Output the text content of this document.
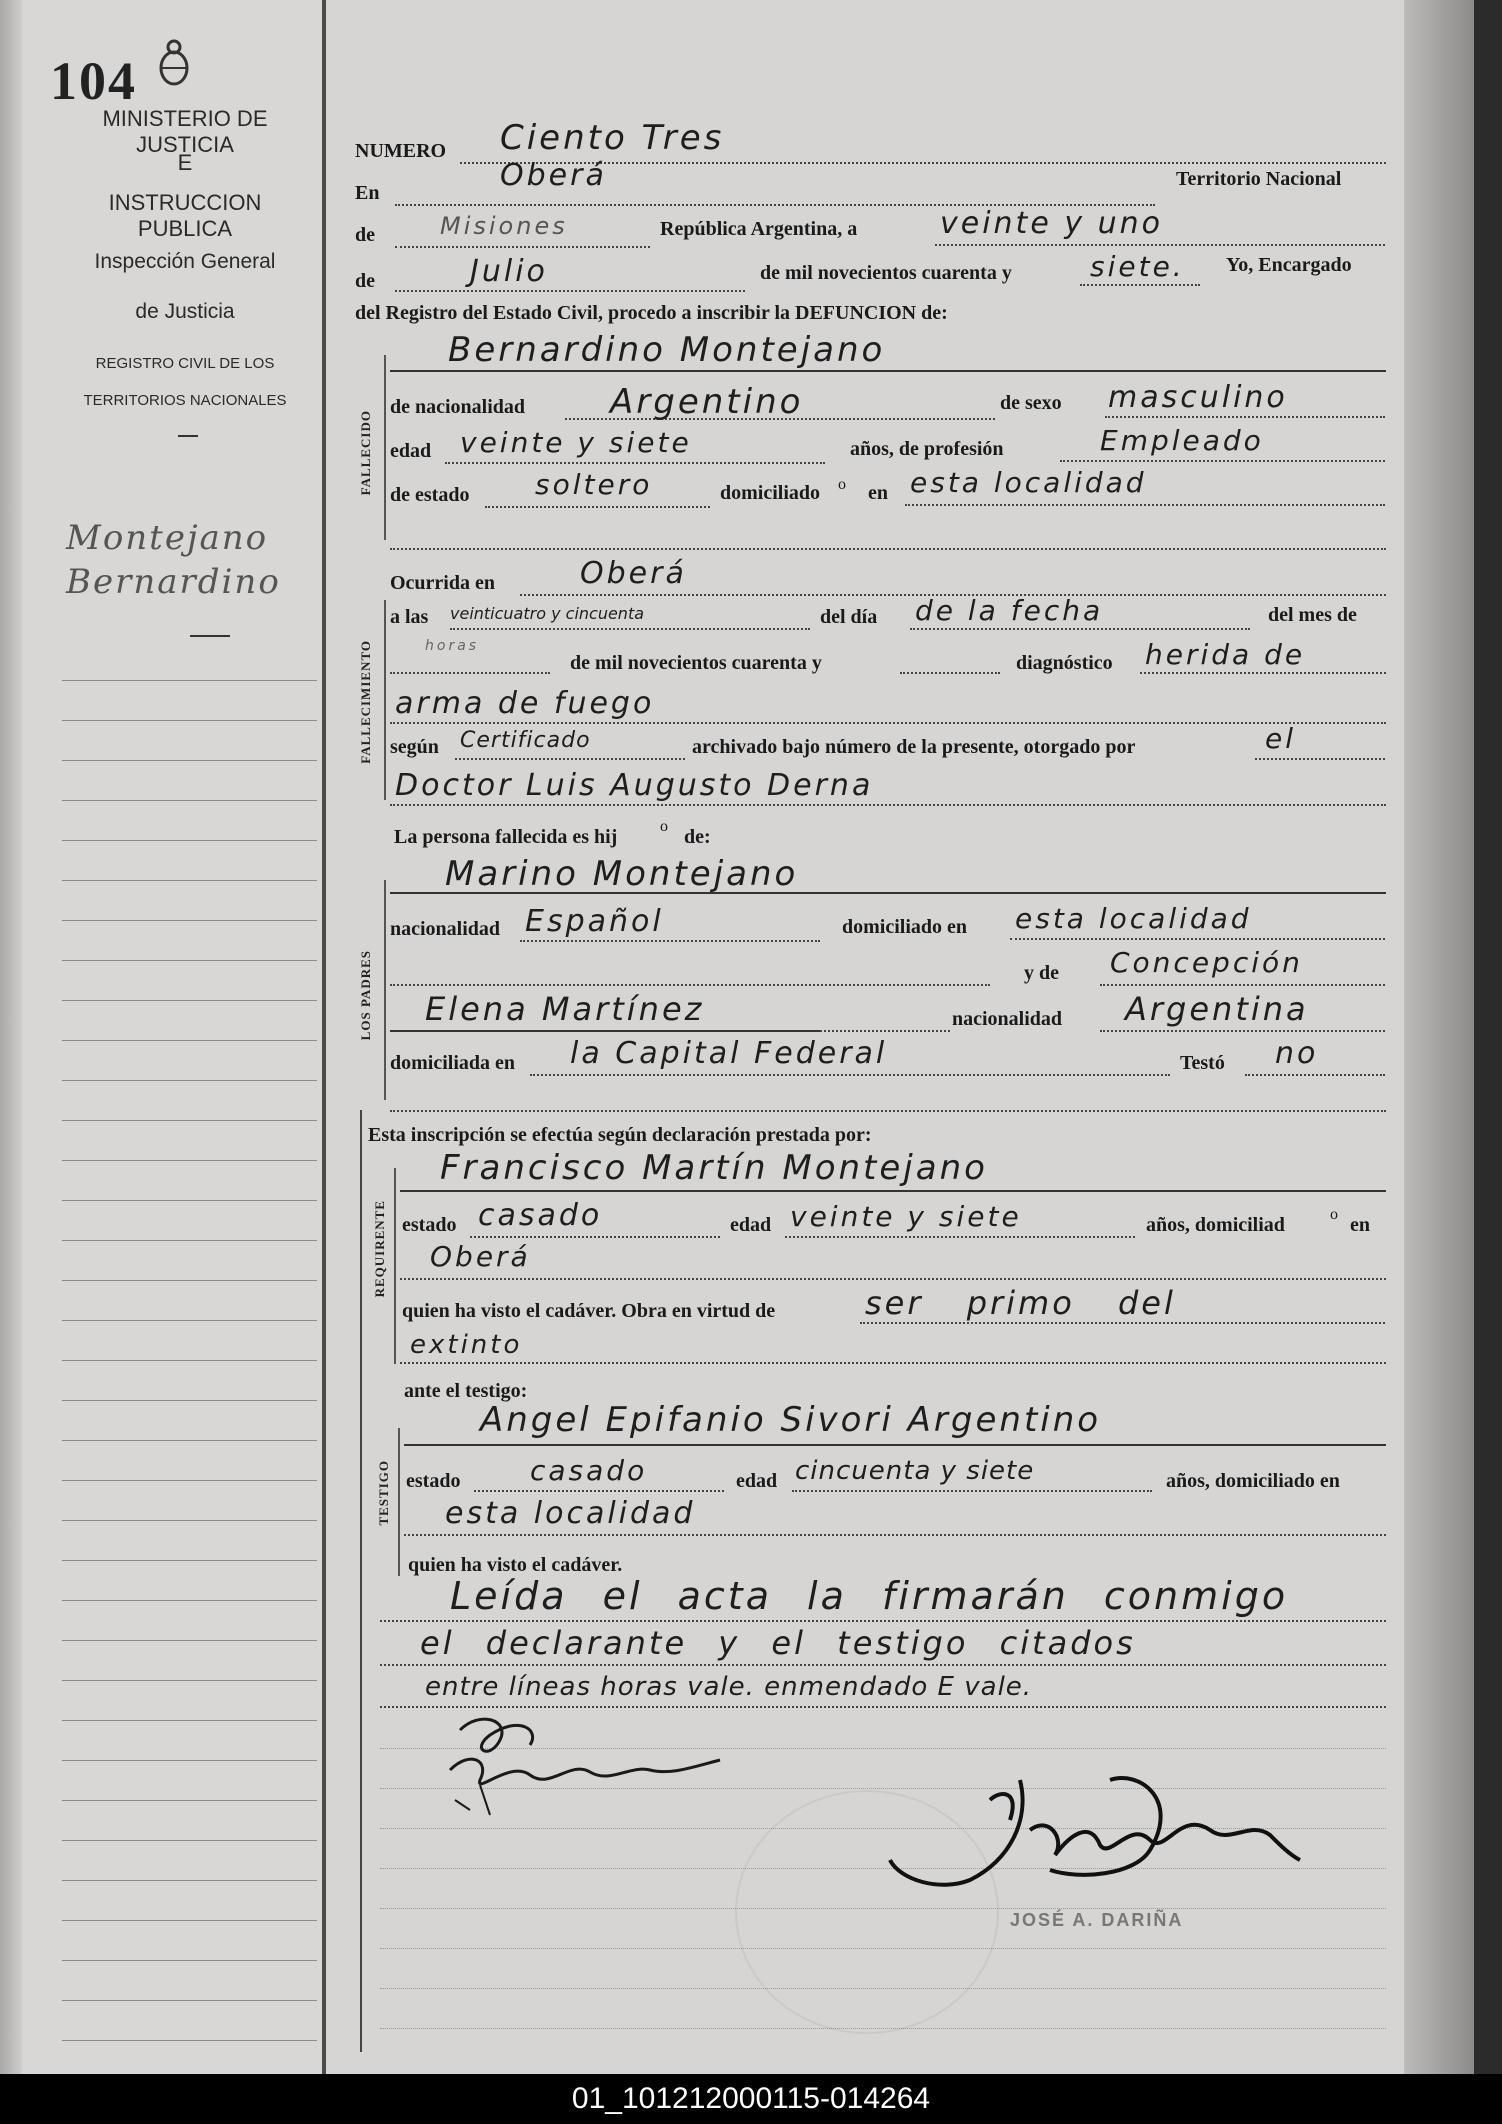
104
MINISTERIO DE JUSTICIA
E
INSTRUCCION PUBLICA
Inspección General
de Justicia
REGISTRO CIVIL DE LOS
TERRITORIOS NACIONALES
Montejano
Bernardino
NUMERO Ciento Tres
En	Oberá	Territorio Nacional
de	Misiones	República Argentina, a	veinte y uno
de	Julio	de mil novecientos cuarenta y	siete. Yo, Encargado
del Registro del Estado Civil, procedo a inscribir la DEFUNCION de:
FALLECIDO
Bernardino Montejano
de nacionalidad Argentino	de sexo masculino
edad veinte y siete	años, de profesión	Empleado
de estado soltero	domiciliado o en esta localidad
FALLECIMIENTO
Ocurrida en	Oberá
a las veinticuatro y cincuenta
horas
del día de la fecha	del mes de
de mil novecientos cuarenta y	diagnóstico herida de
arma de fuego
según Certificado	archivado bajo número de la presente, otorgado por	el
Doctor Luis Augusto Derna
La persona fallecida es hij	o de:
LOS PADRES
Marino Montejano
nacionalidad Español	domiciliado en esta localidad
y de Concepción
Elena Martínez	nacionalidad Argentina
domiciliada en la Capital Federal	Testó no
Esta inscripción se efectúa según declaración prestada por:
REQUIRENTE
Francisco Martín Montejano
estado casado	edad veinte y siete	años, domiciliad	o en
Oberá
quien ha visto el cadáver. Obra en virtud de	ser primo del
extinto
ante el testigo:
TESTIGO
Angel Epifanio Sivori Argentino
estado casado	edad cincuenta y siete	años, domiciliado en
esta localidad
quien ha visto el cadáver.
Leída el acta la firmarán conmigo
el declarante y el testigo citados
entre líneas horas vale. enmendado E vale.
JOSÉ A. DARIÑA
01_101212000115-014264
